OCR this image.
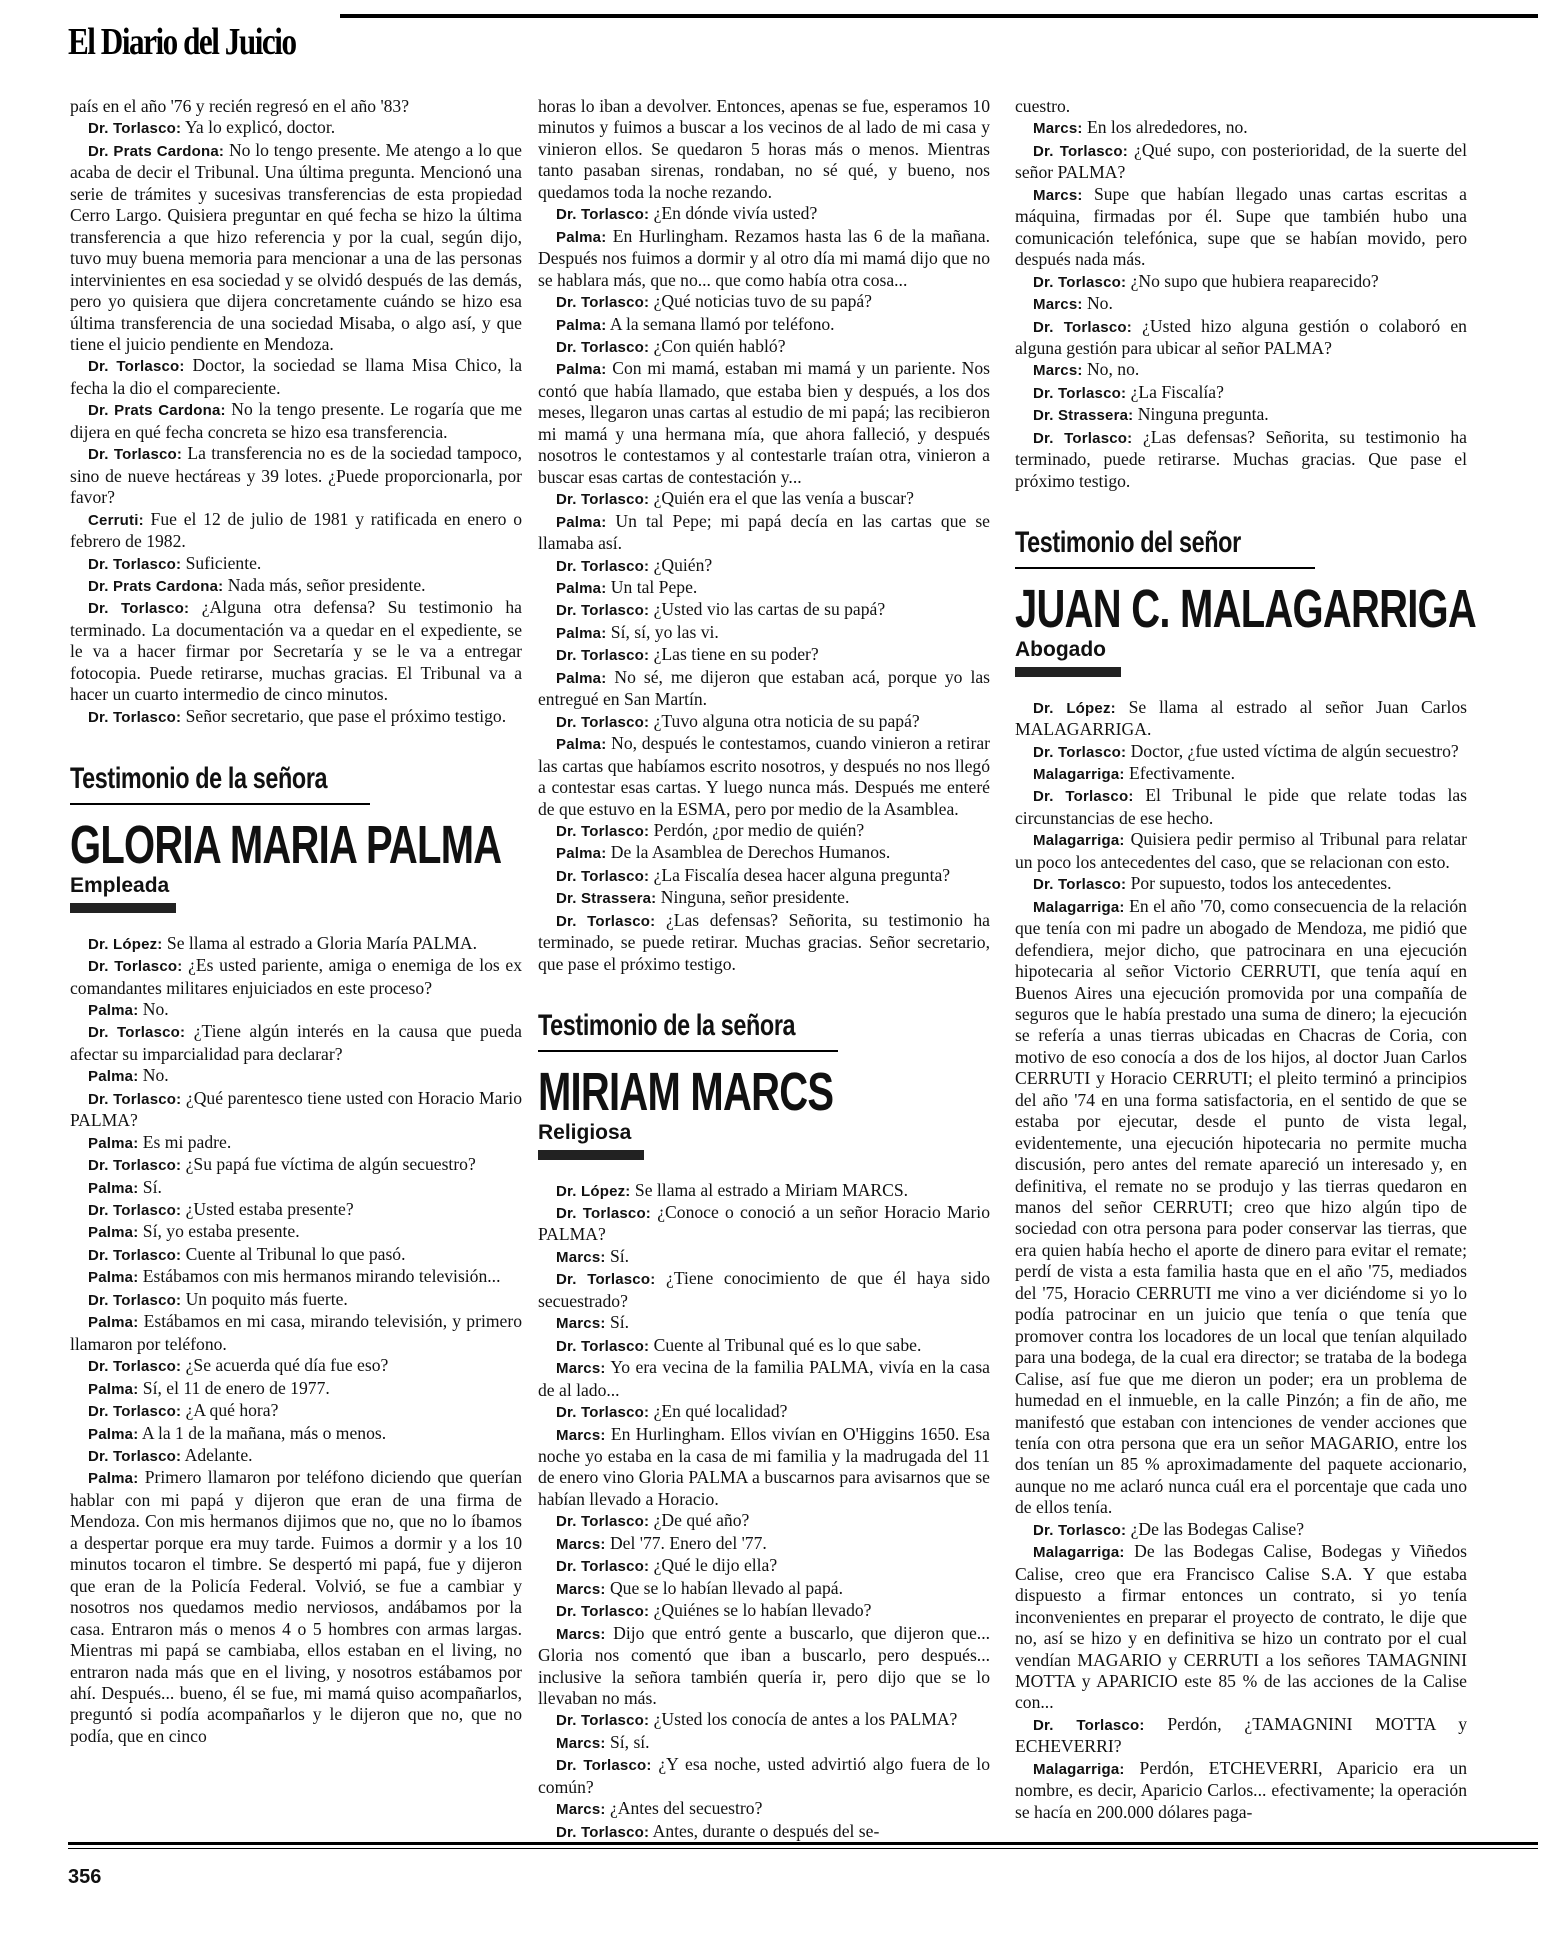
El Diario del Juicio

país en el año '76 y recién regresó en el año '83?

Dr. Torlasco: Ya lo explicó, doctor.

Dr. Prats Cardona: No lo tengo presente. Me atengo a lo que acaba de decir el Tribunal. Una última pregunta. Mencionó una serie de trámites y sucesivas transferencias de esta propiedad Cerro Largo. Quisiera preguntar en qué fecha se hizo la última transferencia a que hizo referencia y por la cual, según dijo, tuvo muy buena memoria para mencionar a una de las personas intervinientes en esa sociedad y se olvidó después de las demás, pero yo quisiera que dijera concretamente cuándo se hizo esa última transferencia de una sociedad Misaba, o algo así, y que tiene el juicio pendiente en Mendoza.

Dr. Torlasco: Doctor, la sociedad se llama Misa Chico, la fecha la dio el compareciente.

Dr. Prats Cardona: No la tengo presente. Le rogaría que me dijera en qué fecha concreta se hizo esa transferencia.

Dr. Torlasco: La transferencia no es de la sociedad tampoco, sino de nueve hectáreas y 39 lotes. ¿Puede proporcionarla, por favor?

Cerruti: Fue el 12 de julio de 1981 y ratificada en enero o febrero de 1982.

Dr. Torlasco: Suficiente.

Dr. Prats Cardona: Nada más, señor presidente.

Dr. Torlasco: ¿Alguna otra defensa? Su testimonio ha terminado. La documentación va a quedar en el expediente, se le va a hacer firmar por Secretaría y se le va a entregar fotocopia. Puede retirarse, muchas gracias. El Tribunal va a hacer un cuarto intermedio de cinco minutos.

Dr. Torlasco: Señor secretario, que pase el próximo testigo.

Testimonio de la señora
GLORIA MARIA PALMA
Empleada

Dr. López: Se llama al estrado a Gloria María PALMA.

Dr. Torlasco: ¿Es usted pariente, amiga o enemiga de los ex comandantes militares enjuiciados en este proceso?

Palma: No.

Dr. Torlasco: ¿Tiene algún interés en la causa que pueda afectar su imparcialidad para declarar?

Palma: No.

Dr. Torlasco: ¿Qué parentesco tiene usted con Horacio Mario PALMA?

Palma: Es mi padre.

Dr. Torlasco: ¿Su papá fue víctima de algún secuestro?

Palma: Sí.

Dr. Torlasco: ¿Usted estaba presente?

Palma: Sí, yo estaba presente.

Dr. Torlasco: Cuente al Tribunal lo que pasó.

Palma: Estábamos con mis hermanos mirando televisión...

Dr. Torlasco: Un poquito más fuerte.

Palma: Estábamos en mi casa, mirando televisión, y primero llamaron por teléfono.

Dr. Torlasco: ¿Se acuerda qué día fue eso?

Palma: Sí, el 11 de enero de 1977.

Dr. Torlasco: ¿A qué hora?

Palma: A la 1 de la mañana, más o menos.

Dr. Torlasco: Adelante.

Palma: Primero llamaron por teléfono diciendo que querían hablar con mi papá y dijeron que eran de una firma de Mendoza. Con mis hermanos dijimos que no, que no lo íbamos a despertar porque era muy tarde. Fuimos a dormir y a los 10 minutos tocaron el timbre. Se despertó mi papá, fue y dijeron que eran de la Policía Federal. Volvió, se fue a cambiar y nosotros nos quedamos medio nerviosos, andábamos por la casa. Entraron más o menos 4 o 5 hombres con armas largas. Mientras mi papá se cambiaba, ellos estaban en el living, no entraron nada más que en el living, y nosotros estábamos por ahí. Después... bueno, él se fue, mi mamá quiso acompañarlos, preguntó si podía acompañarlos y le dijeron que no, que no podía, que en cinco

horas lo iban a devolver. Entonces, apenas se fue, esperamos 10 minutos y fuimos a buscar a los vecinos de al lado de mi casa y vinieron ellos. Se quedaron 5 horas más o menos. Mientras tanto pasaban sirenas, rondaban, no sé qué, y bueno, nos quedamos toda la noche rezando.

Dr. Torlasco: ¿En dónde vivía usted?

Palma: En Hurlingham. Rezamos hasta las 6 de la mañana. Después nos fuimos a dormir y al otro día mi mamá dijo que no se hablara más, que no... que como había otra cosa...

Dr. Torlasco: ¿Qué noticias tuvo de su papá?

Palma: A la semana llamó por teléfono.

Dr. Torlasco: ¿Con quién habló?

Palma: Con mi mamá, estaban mi mamá y un pariente. Nos contó que había llamado, que estaba bien y después, a los dos meses, llegaron unas cartas al estudio de mi papá; las recibieron mi mamá y una hermana mía, que ahora falleció, y después nosotros le contestamos y al contestarle traían otra, vinieron a buscar esas cartas de contestación y...

Dr. Torlasco: ¿Quién era el que las venía a buscar?

Palma: Un tal Pepe; mi papá decía en las cartas que se llamaba así.

Dr. Torlasco: ¿Quién?

Palma: Un tal Pepe.

Dr. Torlasco: ¿Usted vio las cartas de su papá?

Palma: Sí, sí, yo las vi.

Dr. Torlasco: ¿Las tiene en su poder?

Palma: No sé, me dijeron que estaban acá, porque yo las entregué en San Martín.

Dr. Torlasco: ¿Tuvo alguna otra noticia de su papá?

Palma: No, después le contestamos, cuando vinieron a retirar las cartas que habíamos escrito nosotros, y después no nos llegó a contestar esas cartas. Y luego nunca más. Después me enteré de que estuvo en la ESMA, pero por medio de la Asamblea.

Dr. Torlasco: Perdón, ¿por medio de quién?

Palma: De la Asamblea de Derechos Humanos.

Dr. Torlasco: ¿La Fiscalía desea hacer alguna pregunta?

Dr. Strassera: Ninguna, señor presidente.

Dr. Torlasco: ¿Las defensas? Señorita, su testimonio ha terminado, se puede retirar. Muchas gracias. Señor secretario, que pase el próximo testigo.

Testimonio de la señora
MIRIAM MARCS
Religiosa

Dr. López: Se llama al estrado a Miriam MARCS.

Dr. Torlasco: ¿Conoce o conoció a un señor Horacio Mario PALMA?

Marcs: Sí.

Dr. Torlasco: ¿Tiene conocimiento de que él haya sido secuestrado?

Marcs: Sí.

Dr. Torlasco: Cuente al Tribunal qué es lo que sabe.

Marcs: Yo era vecina de la familia PALMA, vivía en la casa de al lado...

Dr. Torlasco: ¿En qué localidad?

Marcs: En Hurlingham. Ellos vivían en O'Higgins 1650. Esa noche yo estaba en la casa de mi familia y la madrugada del 11 de enero vino Gloria PALMA a buscarnos para avisarnos que se habían llevado a Horacio.

Dr. Torlasco: ¿De qué año?

Marcs: Del '77. Enero del '77.

Dr. Torlasco: ¿Qué le dijo ella?

Marcs: Que se lo habían llevado al papá.

Dr. Torlasco: ¿Quiénes se lo habían llevado?

Marcs: Dijo que entró gente a buscarlo, que dijeron que... Gloria nos comentó que iban a buscarlo, pero después... inclusive la señora también quería ir, pero dijo que se lo llevaban no más.

Dr. Torlasco: ¿Usted los conocía de antes a los PALMA?

Marcs: Sí, sí.

Dr. Torlasco: ¿Y esa noche, usted advirtió algo fuera de lo común?

Marcs: ¿Antes del secuestro?

Dr. Torlasco: Antes, durante o después del se-

cuestro.

Marcs: En los alrededores, no.

Dr. Torlasco: ¿Qué supo, con posterioridad, de la suerte del señor PALMA?

Marcs: Supe que habían llegado unas cartas escritas a máquina, firmadas por él. Supe que también hubo una comunicación telefónica, supe que se habían movido, pero después nada más.

Dr. Torlasco: ¿No supo que hubiera reaparecido?

Marcs: No.

Dr. Torlasco: ¿Usted hizo alguna gestión o colaboró en alguna gestión para ubicar al señor PALMA?

Marcs: No, no.

Dr. Torlasco: ¿La Fiscalía?

Dr. Strassera: Ninguna pregunta.

Dr. Torlasco: ¿Las defensas? Señorita, su testimonio ha terminado, puede retirarse. Muchas gracias. Que pase el próximo testigo.

Testimonio del señor
JUAN C. MALAGARRIGA
Abogado

Dr. López: Se llama al estrado al señor Juan Carlos MALAGARRIGA.

Dr. Torlasco: Doctor, ¿fue usted víctima de algún secuestro?

Malagarriga: Efectivamente.

Dr. Torlasco: El Tribunal le pide que relate todas las circunstancias de ese hecho.

Malagarriga: Quisiera pedir permiso al Tribunal para relatar un poco los antecedentes del caso, que se relacionan con esto.

Dr. Torlasco: Por supuesto, todos los antecedentes.

Malagarriga: En el año '70, como consecuencia de la relación que tenía con mi padre un abogado de Mendoza, me pidió que defendiera, mejor dicho, que patrocinara en una ejecución hipotecaria al señor Victorio CERRUTI, que tenía aquí en Buenos Aires una ejecución promovida por una compañía de seguros que le había prestado una suma de dinero; la ejecución se refería a unas tierras ubicadas en Chacras de Coria, con motivo de eso conocía a dos de los hijos, al doctor Juan Carlos CERRUTI y Horacio CERRUTI; el pleito terminó a principios del año '74 en una forma satisfactoria, en el sentido de que se estaba por ejecutar, desde el punto de vista legal, evidentemente, una ejecución hipotecaria no permite mucha discusión, pero antes del remate apareció un interesado y, en definitiva, el remate no se produjo y las tierras quedaron en manos del señor CERRUTI; creo que hizo algún tipo de sociedad con otra persona para poder conservar las tierras, que era quien había hecho el aporte de dinero para evitar el remate; perdí de vista a esta familia hasta que en el año '75, mediados del '75, Horacio CERRUTI me vino a ver diciéndome si yo lo podía patrocinar en un juicio que tenía o que tenía que promover contra los locadores de un local que tenían alquilado para una bodega, de la cual era director; se trataba de la bodega Calise, así fue que me dieron un poder; era un problema de humedad en el inmueble, en la calle Pinzón; a fin de año, me manifestó que estaban con intenciones de vender acciones que tenía con otra persona que era un señor MAGARIO, entre los dos tenían un 85 % aproximadamente del paquete accionario, aunque no me aclaró nunca cuál era el porcentaje que cada uno de ellos tenía.

Dr. Torlasco: ¿De las Bodegas Calise?

Malagarriga: De las Bodegas Calise, Bodegas y Viñedos Calise, creo que era Francisco Calise S.A. Y que estaba dispuesto a firmar entonces un contrato, si yo tenía inconvenientes en preparar el proyecto de contrato, le dije que no, así se hizo y en definitiva se hizo un contrato por el cual vendían MAGARIO y CERRUTI a los señores TAMAGNINI MOTTA y APARICIO este 85 % de las acciones de la Calise con...

Dr. Torlasco: Perdón, ¿TAMAGNINI MOTTA y ECHEVERRI?

Malagarriga: Perdón, ETCHEVERRI, Aparicio era un nombre, es decir, Aparicio Carlos... efectivamente; la operación se hacía en 200.000 dólares paga-

356
